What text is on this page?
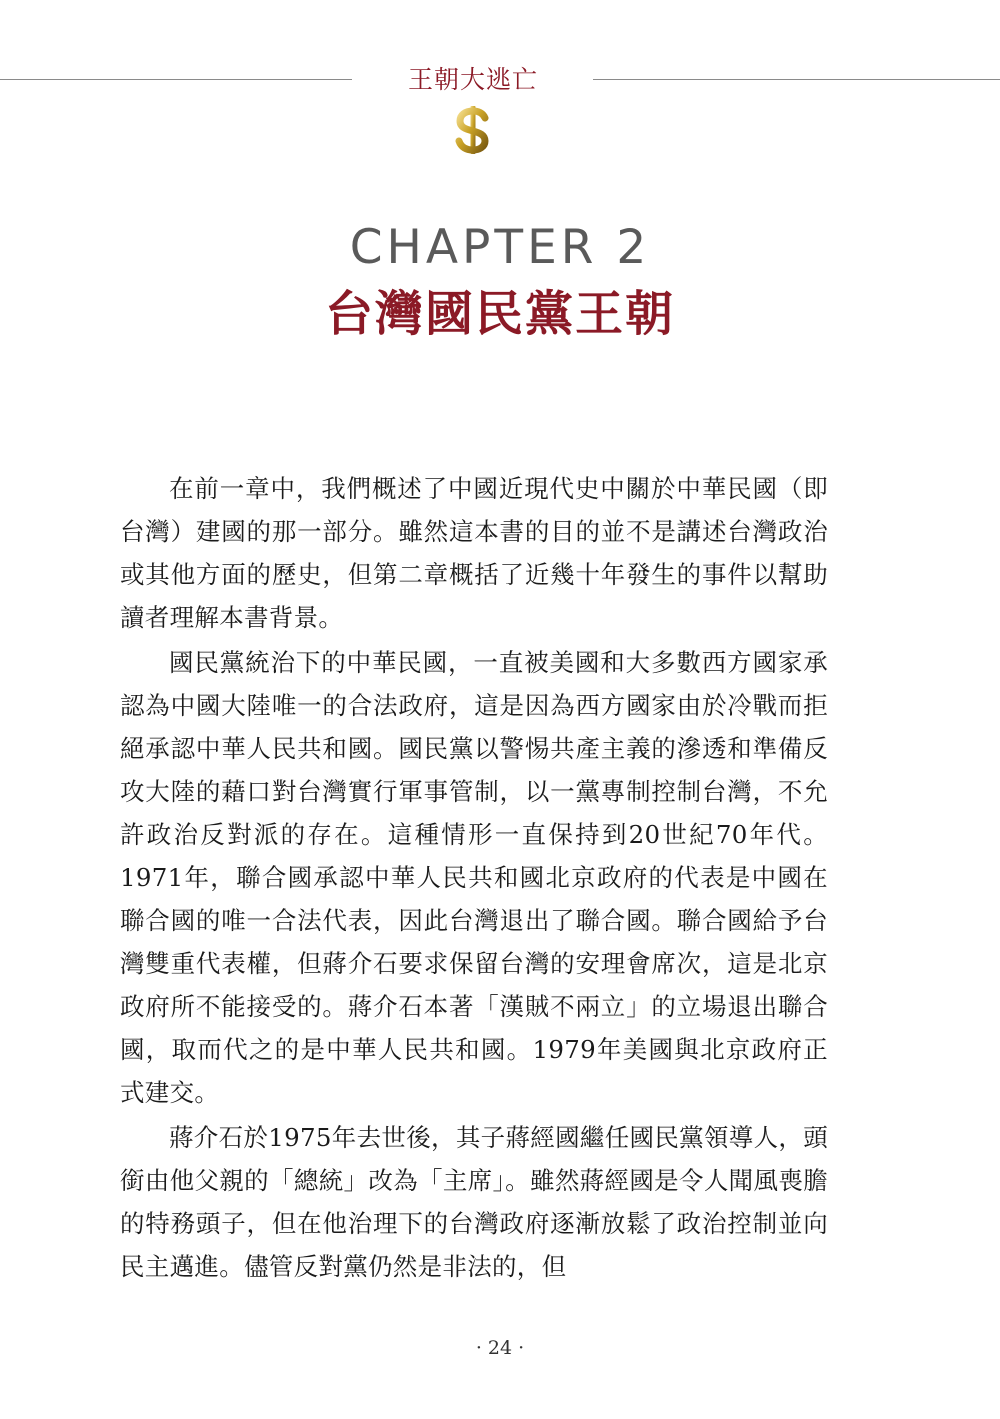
王朝大逃亡
CHAPTER 2
台灣國民黨王朝

在前一章中，我們概述了中國近現代史中關於中華民國（即台灣）建國的那一部分。雖然這本書的目的並不是講述台灣政治或其他方面的歷史，但第二章概括了近幾十年發生的事件以幫助讀者理解本書背景。

國民黨統治下的中華民國，一直被美國和大多數西方國家承認為中國大陸唯一的合法政府，這是因為西方國家由於冷戰而拒絕承認中華人民共和國。國民黨以警惕共產主義的滲透和準備反攻大陸的藉口對台灣實行軍事管制，以一黨專制控制台灣，不允許政治反對派的存在。這種情形一直保持到20世紀70年代。1971年，聯合國承認中華人民共和國北京政府的代表是中國在聯合國的唯一合法代表，因此台灣退出了聯合國。聯合國給予台灣雙重代表權，但蔣介石要求保留台灣的安理會席次，這是北京政府所不能接受的。蔣介石本著「漢賊不兩立」的立場退出聯合國，取而代之的是中華人民共和國。1979年美國與北京政府正式建交。

蔣介石於1975年去世後，其子蔣經國繼任國民黨領導人，頭銜由他父親的「總統」改為「主席」。雖然蔣經國是令人聞風喪膽的特務頭子，但在他治理下的台灣政府逐漸放鬆了政治控制並向民主邁進。儘管反對黨仍然是非法的，但

· 24 ·
